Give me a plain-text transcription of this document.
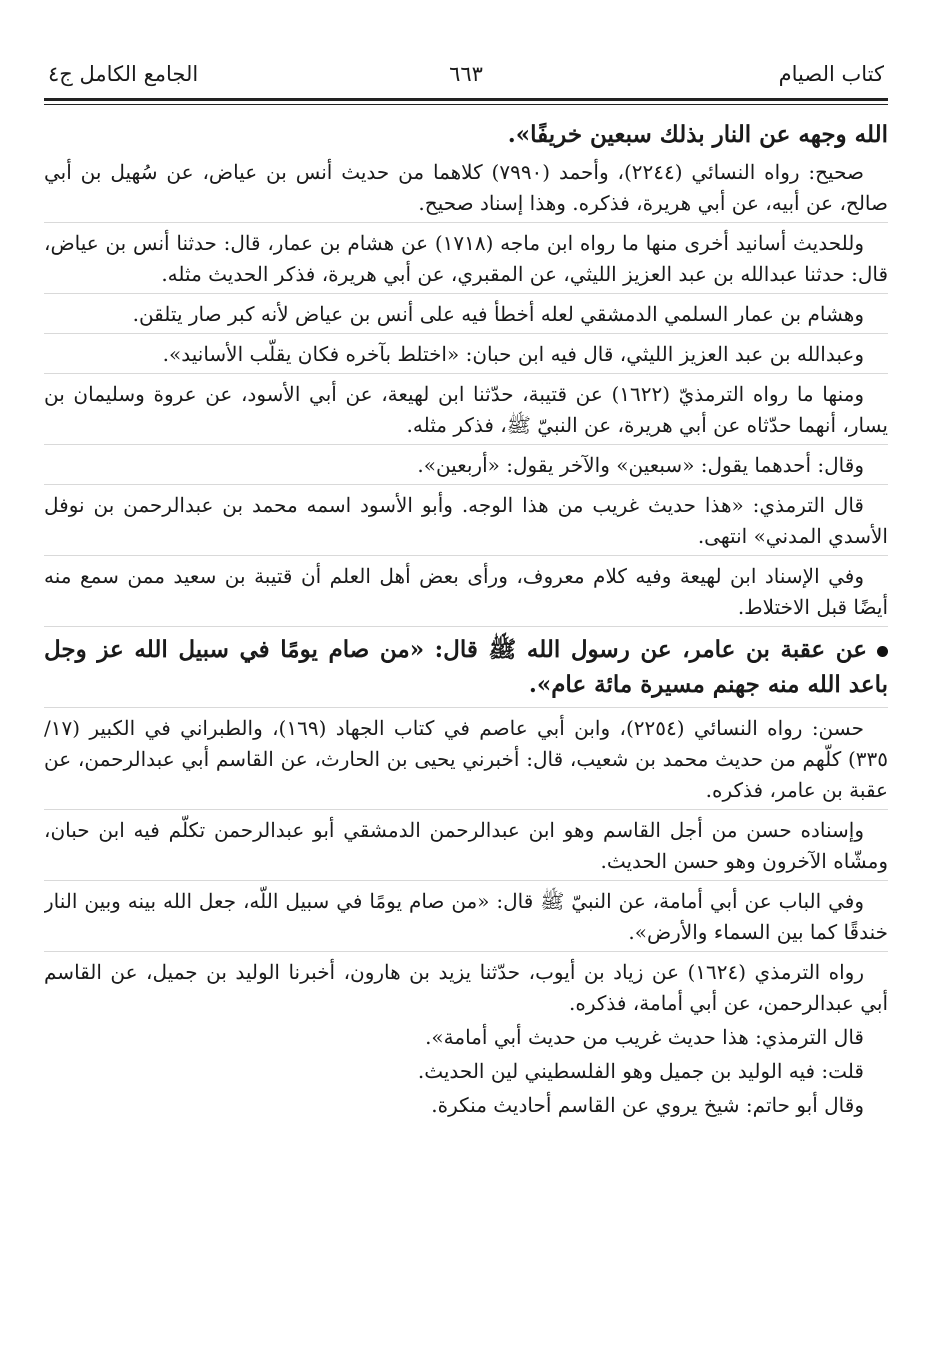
كتاب الصيام
٦٦٣
الجامع الكامل ج٤

الله وجهه عن النار بذلك سبعين خريفًا».

صحيح: رواه النسائي (٢٢٤٤)، وأحمد (٧٩٩٠) كلاهما من حديث أنس بن عياض، عن سُهيل بن أبي صالح، عن أبيه، عن أبي هريرة، فذكره. وهذا إسناد صحيح.

وللحديث أسانيد أخرى منها ما رواه ابن ماجه (١٧١٨) عن هشام بن عمار، قال: حدثنا أنس بن عياض، قال: حدثنا عبدالله بن عبد العزيز الليثي، عن المقبري، عن أبي هريرة، فذكر الحديث مثله.

وهشام بن عمار السلمي الدمشقي لعله أخطأ فيه على أنس بن عياض لأنه كبر صار يتلقن.

وعبدالله بن عبد العزيز الليثي، قال فيه ابن حبان: «اختلط بآخره فكان يقلّب الأسانيد».

ومنها ما رواه الترمذيّ (١٦٢٢) عن قتيبة، حدّثنا ابن لهيعة، عن أبي الأسود، عن عروة وسليمان بن يسار، أنهما حدّثاه عن أبي هريرة، عن النبيّ ﷺ، فذكر مثله.

وقال: أحدهما يقول: «سبعين» والآخر يقول: «أربعين».

قال الترمذي: «هذا حديث غريب من هذا الوجه. وأبو الأسود اسمه محمد بن عبدالرحمن بن نوفل الأسدي المدني» انتهى.

وفي الإسناد ابن لهيعة وفيه كلام معروف، ورأى بعض أهل العلم أن قتيبة بن سعيد ممن سمع منه أيضًا قبل الاختلاط.

عن عقبة بن عامر، عن رسول الله ﷺ قال: «من صام يومًا في سبيل الله عز وجل باعد الله منه جهنم مسيرة مائة عام».

حسن: رواه النسائي (٢٢٥٤)، وابن أبي عاصم في كتاب الجهاد (١٦٩)، والطبراني في الكبير (١٧/ ٣٣٥) كلّهم من حديث محمد بن شعيب، قال: أخبرني يحيى بن الحارث، عن القاسم أبي عبدالرحمن، عن عقبة بن عامر، فذكره.

وإسناده حسن من أجل القاسم وهو ابن عبدالرحمن الدمشقي أبو عبدالرحمن تكلّم فيه ابن حبان، ومشّاه الآخرون وهو حسن الحديث.

وفي الباب عن أبي أمامة، عن النبيّ ﷺ قال: «من صام يومًا في سبيل اللّه، جعل الله بينه وبين النار خندقًا كما بين السماء والأرض».

رواه الترمذي (١٦٢٤) عن زياد بن أيوب، حدّثنا يزيد بن هارون، أخبرنا الوليد بن جميل، عن القاسم أبي عبدالرحمن، عن أبي أمامة، فذكره.

قال الترمذي: هذا حديث غريب من حديث أبي أمامة».

قلت: فيه الوليد بن جميل وهو الفلسطيني لين الحديث.

وقال أبو حاتم: شيخ يروي عن القاسم أحاديث منكرة.
